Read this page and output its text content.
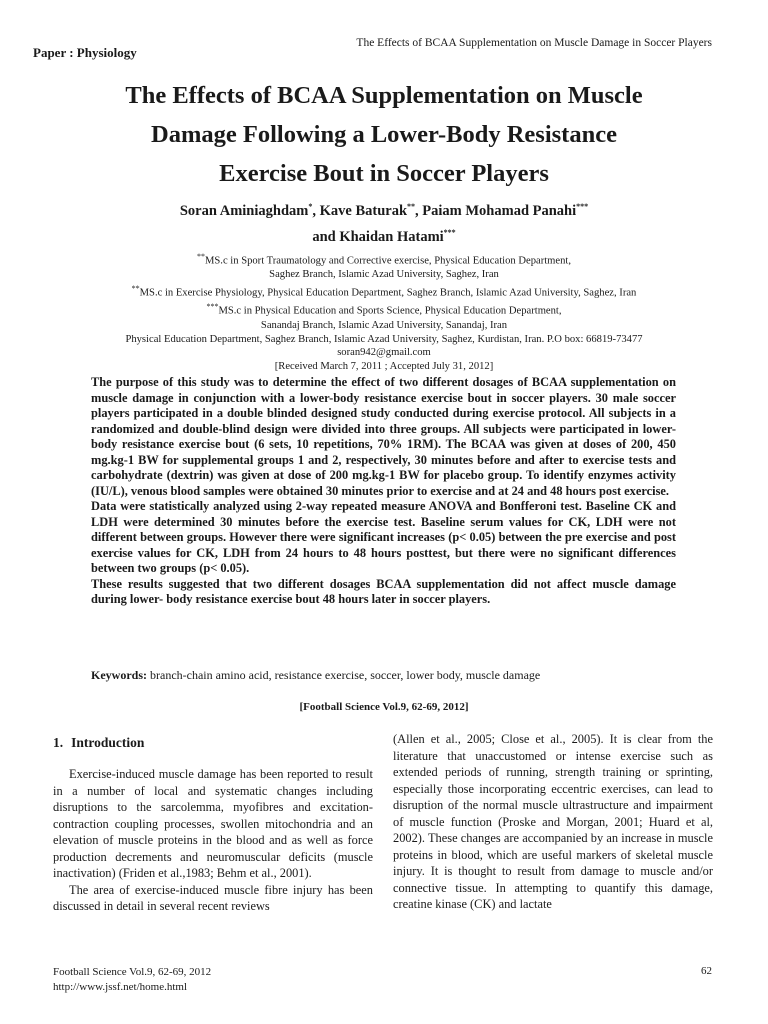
Paper : Physiology
The Effects of BCAA Supplementation on Muscle Damage in Soccer Players
The Effects of BCAA Supplementation on Muscle
Damage Following a Lower-Body Resistance
Exercise Bout in Soccer Players
Soran Aminiaghdam*, Kave Baturak**, Paiam Mohamad Panahi***
and Khaidan Hatami***
**MS.c in Sport Traumatology and Corrective exercise, Physical Education Department,
Saghez Branch, Islamic Azad University, Saghez, Iran
**MS.c in Exercise Physiology, Physical Education Department, Saghez Branch, Islamic Azad University, Saghez, Iran
***MS.c in Physical Education and Sports Science, Physical Education Department,
Sanandaj Branch, Islamic Azad University, Sanandaj, Iran
Physical Education Department, Saghez Branch, Islamic Azad University, Saghez, Kurdistan, Iran. P.O box: 66819-73477
soran942@gmail.com
[Received March 7, 2011 ; Accepted July 31, 2012]

The purpose of this study was to determine the effect of two different dosages of BCAA supplementation on muscle damage in conjunction with a lower-body resistance exercise bout in soccer players. 30 male soccer players participated in a double blinded designed study conducted during exercise protocol. All subjects in a randomized and double-blind design were divided into three groups. All subjects were participated in lower- body resistance exercise bout (6 sets, 10 repetitions, 70% 1RM). The BCAA was given at doses of 200, 450 mg.kg-1 BW for supplemental groups 1 and 2, respectively, 30 minutes before and after to exercise tests and carbohydrate (dextrin) was given at dose of 200 mg.kg-1 BW for placebo group. To identify enzymes activity (IU/L), venous blood samples were obtained 30 minutes prior to exercise and at 24 and 48 hours post exercise.

Data were statistically analyzed using 2-way repeated measure ANOVA and Bonfferoni test. Baseline CK and LDH were determined 30 minutes before the exercise test. Baseline serum values for CK, LDH were not different between groups. However there were significant increases (p< 0.05) between the pre exercise and post exercise values for CK, LDH from 24 hours to 48 hours posttest, but there were no significant differences between two groups (p< 0.05).

These results suggested that two different dosages BCAA supplementation did not affect muscle damage during lower- body resistance exercise bout 48 hours later in soccer players.

Keywords: branch-chain amino acid, resistance exercise, soccer, lower body, muscle damage
[Football Science Vol.9, 62-69, 2012]
1. Introduction

Exercise-induced muscle damage has been reported to result in a number of local and systematic changes including disruptions to the sarcolemma, myofibres and excitation-contraction coupling processes, swollen mitochondria and an elevation of muscle proteins in the blood and as well as force production decrements and neuromuscular deficits (muscle inactivation) (Friden et al.,1983; Behm et al., 2001).

The area of exercise-induced muscle fibre injury has been discussed in detail in several recent reviews

(Allen et al., 2005; Close et al., 2005). It is clear from the literature that unaccustomed or intense exercise such as extended periods of running, strength training or sprinting, especially those incorporating eccentric exercises, can lead to disruption of the normal muscle ultrastructure and impairment of muscle function (Proske and Morgan, 2001; Huard et al, 2002). These changes are accompanied by an increase in muscle proteins in blood, which are useful markers of skeletal muscle injury. It is thought to result from damage to muscle and/or connective tissue. In attempting to quantify this damage, creatine kinase (CK) and lactate

Football Science Vol.9, 62-69, 2012
http://www.jssf.net/home.html
62
